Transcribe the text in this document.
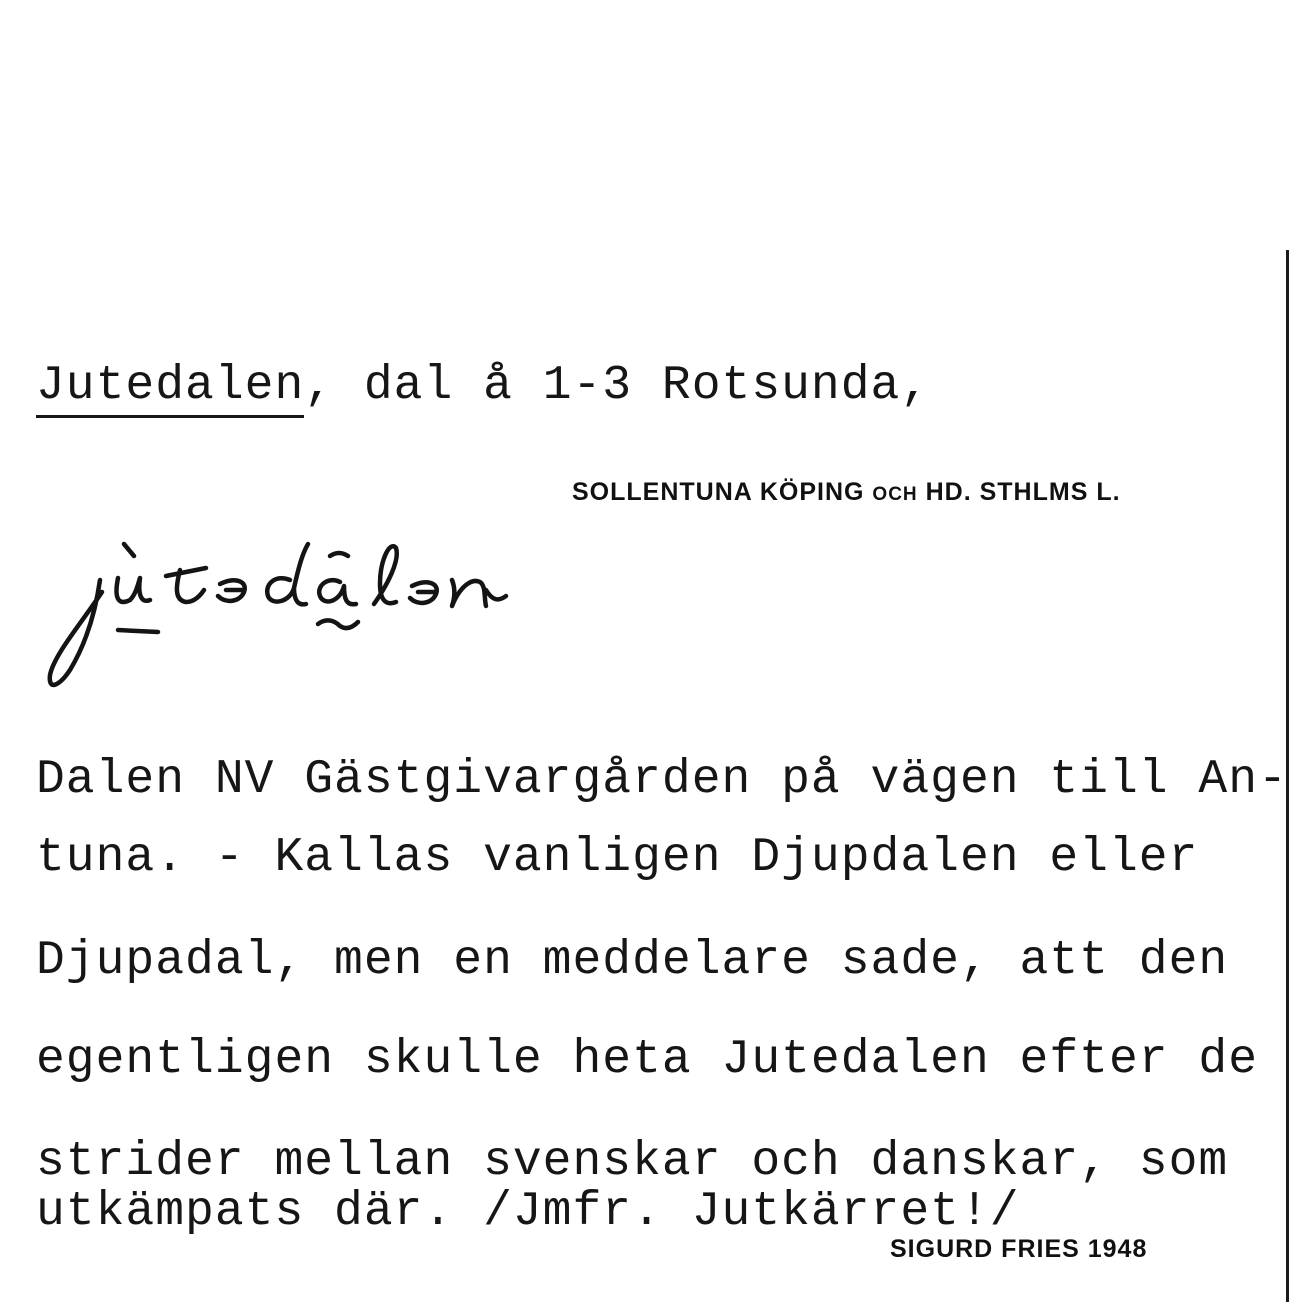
Jutedalen, dal å 1-3 Rotsunda,
SOLLENTUNA KÖPING OCH HD. STHLMS L.
Dalen NV Gästgivargården på vägen till An-
tuna. - Kallas vanligen Djupdalen eller
Djupadal, men en meddelare sade, att den
egentligen skulle heta Jutedalen efter de
strider mellan svenskar och danskar, som
utkämpats där. /Jmfr. Jutkärret!/
SIGURD FRIES 1948
